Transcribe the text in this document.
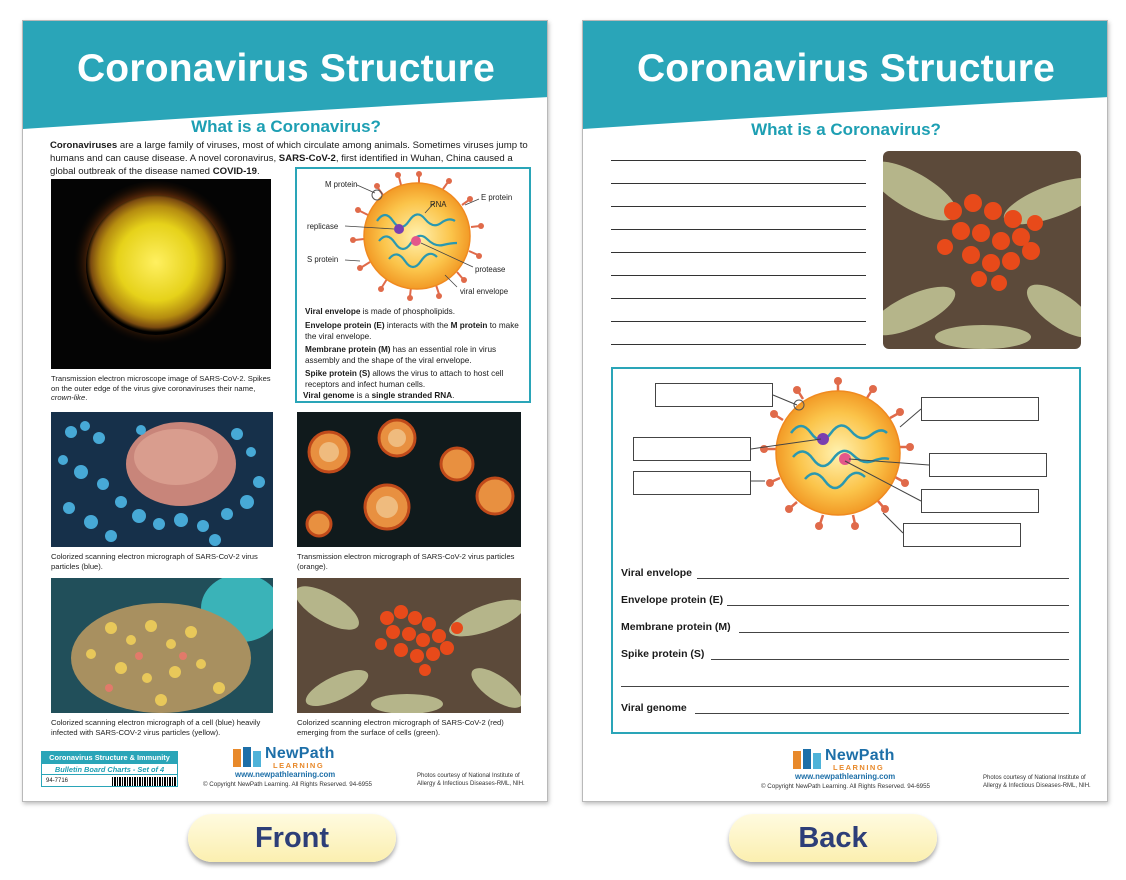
Coronavirus Structure
What is a Coronavirus?
Coronaviruses are a large family of viruses, most of which circulate among animals. Sometimes viruses jump to humans and can cause disease. A novel coronavirus, SARS-CoV-2, first identified in Wuhan, China caused a global outbreak of the disease named COVID-19.
Transmission electron microscope image of SARS-CoV-2. Spikes on the outer edge of the virus give coronaviruses their name, crown-like.
M protein
RNA
E protein
replicase
S protein
protease
viral envelope
Viral envelope is made of phospholipids.
Envelope protein (E) interacts with the M protein to make the viral envelope.
Membrane protein (M) has an essential role in virus assembly and the shape of the viral envelope.
Spike protein (S) allows the virus to attach to host cell receptors and infect human cells.
Viral genome is a single stranded RNA.
Colorized scanning electron micrograph of SARS-CoV-2 virus particles (blue).
Transmission electron micrograph of SARS-CoV-2 virus particles (orange).
Colorized scanning electron micrograph of a cell (blue) heavily infected with SARS-COV-2 virus particles (yellow).
Colorized scanning electron micrograph of SARS-CoV-2 (red) emerging from the surface of cells (green).
Coronavirus Structure & Immunity
Bulletin Board Charts - Set of 4
94-7716
NewPath
LEARNING
www.newpathlearning.com
© Copyright NewPath Learning. All Rights Reserved. 94-6955
Photos courtesy of National Institute of Allergy & Infectious Diseases-RML, NIH.
Coronavirus Structure
What is a Coronavirus?
Viral envelope
Envelope protein (E)
Membrane protein (M)
Spike protein (S)
Viral genome
NewPath
LEARNING
www.newpathlearning.com
© Copyright NewPath Learning. All Rights Reserved. 94-6955
Photos courtesy of National Institute of Allergy & Infectious Diseases-RML, NIH.
Front	Back
